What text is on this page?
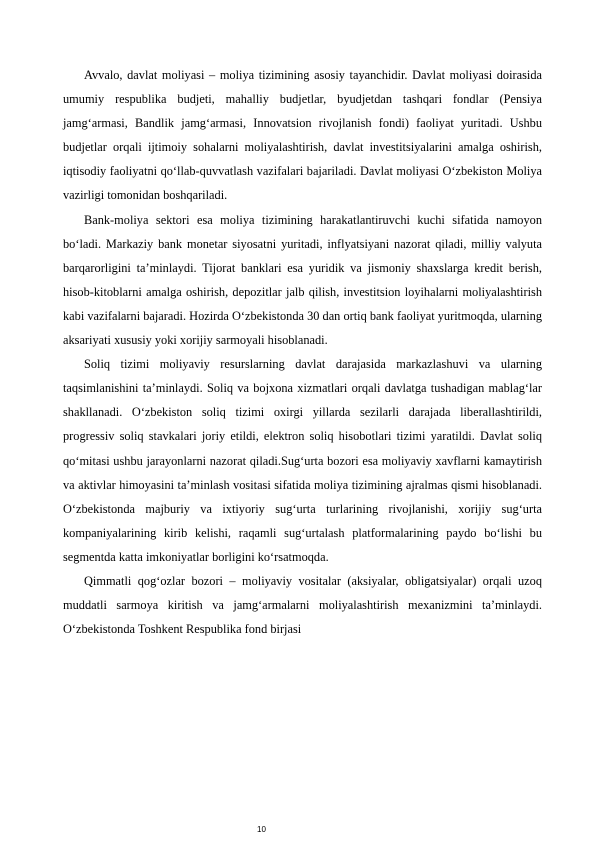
Avvalo, davlat moliyasi – moliya tizimining asosiy tayanchidir. Davlat moliyasi doirasida umumiy respublika budjeti, mahalliy budjetlar, byudjetdan tashqari fondlar (Pensiya jamg‘armasi, Bandlik jamg‘armasi, Innovatsion rivojlanish fondi) faoliyat yuritadi. Ushbu budjetlar orqali ijtimoiy sohalarni moliyalashtirish, davlat investitsiyalarini amalga oshirish, iqtisodiy faoliyatni qo‘llab-quvvatlash vazifalari bajariladi. Davlat moliyasi O‘zbekiston Moliya vazirligi tomonidan boshqariladi.

Bank-moliya sektori esa moliya tizimining harakatlantiruvchi kuchi sifatida namoyon bo‘ladi. Markaziy bank monetar siyosatni yuritadi, inflyatsiyani nazorat qiladi, milliy valyuta barqarorligini ta’minlaydi. Tijorat banklari esa yuridik va jismoniy shaxslarga kredit berish, hisob-kitoblarni amalga oshirish, depozitlar jalb qilish, investitsion loyihalarni moliyalashtirish kabi vazifalarni bajaradi. Hozirda O‘zbekistonda 30 dan ortiq bank faoliyat yuritmoqda, ularning aksariyati xususiy yoki xorijiy sarmoyali hisoblanadi.

Soliq tizimi moliyaviy resurslarning davlat darajasida markazlashuvi va ularning taqsimlanishini ta’minlaydi. Soliq va bojxona xizmatlari orqali davlatga tushadigan mablag‘lar shakllanadi. O‘zbekiston soliq tizimi oxirgi yillarda sezilarli darajada liberallashtirildi, progressiv soliq stavkalari joriy etildi, elektron soliq hisobotlari tizimi yaratildi. Davlat soliq qo‘mitasi ushbu jarayonlarni nazorat qiladi.Sug‘urta bozori esa moliyaviy xavflarni kamaytirish va aktivlar himoyasini ta’minlash vositasi sifatida moliya tizimining ajralmas qismi hisoblanadi. O‘zbekistonda majburiy va ixtiyoriy sug‘urta turlarining rivojlanishi, xorijiy sug‘urta kompaniyalarining kirib kelishi, raqamli sug‘urtalash platformalarining paydo bo‘lishi bu segmentda katta imkoniyatlar borligini ko‘rsatmoqda.

Qimmatli qog‘ozlar bozori – moliyaviy vositalar (aksiyalar, obligatsiyalar) orqali uzoq muddatli sarmoya kiritish va jamg‘armalarni moliyalashtirish mexanizmini ta’minlaydi. O‘zbekistonda Toshkent Respublika fond birjasi

10
